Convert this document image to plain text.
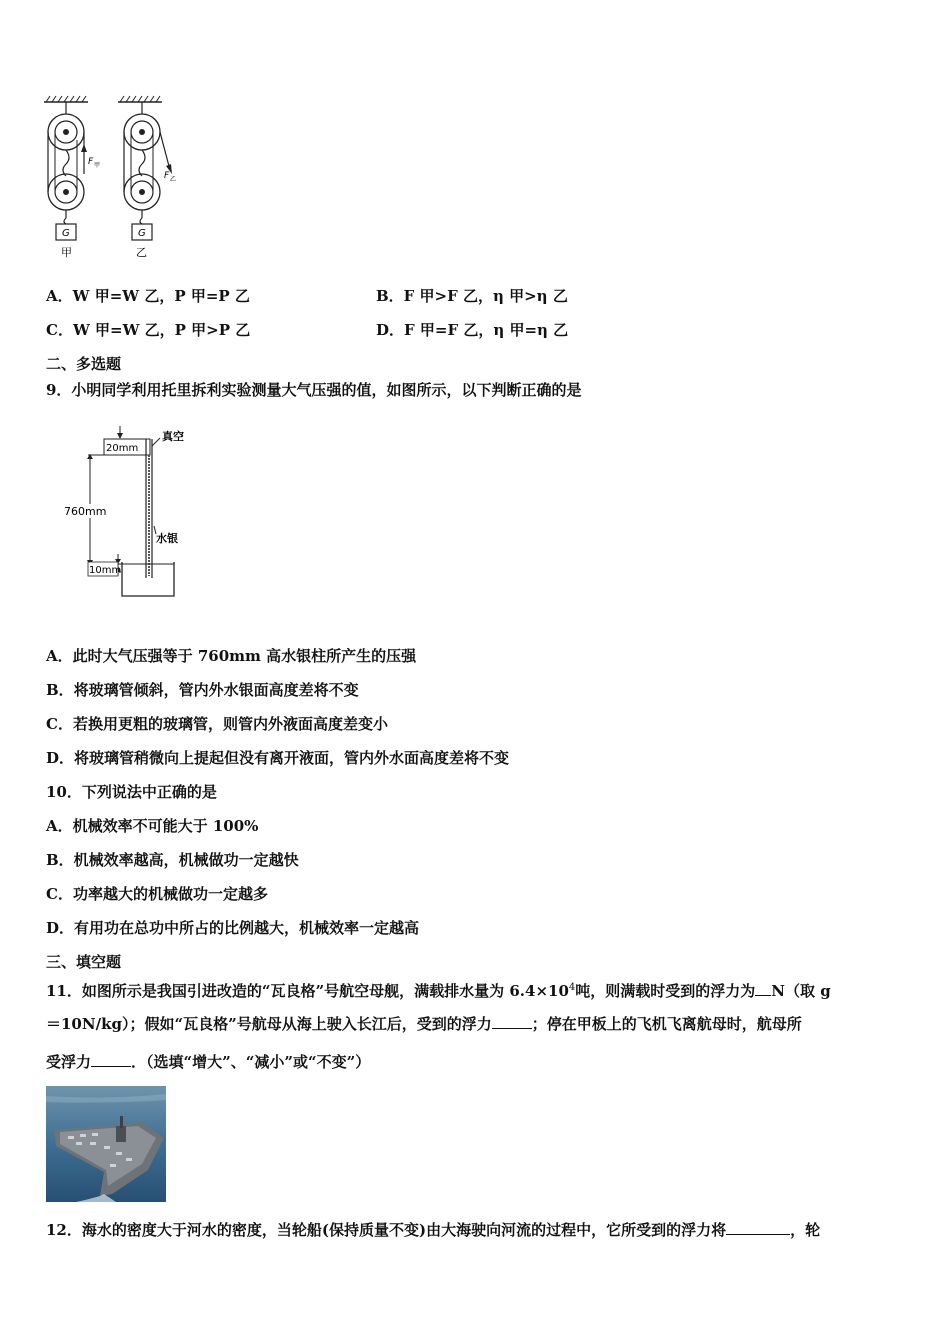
G
甲
F 甲
F 乙
G
乙
A．W 甲=W 乙，P 甲=P 乙	B．F 甲>F 乙，η 甲>η 乙
C．W 甲=W 乙，P 甲>P 乙	D．F 甲=F 乙，η 甲=η 乙
二、多选题
9．小明同学利用托里拆利实验测量大气压强的值，如图所示，以下判断正确的是
20mm
真空
760mm
水银
10mm
A．此时大气压强等于 760mm 高水银柱所产生的压强
B．将玻璃管倾斜，管内外水银面高度差将不变
C．若换用更粗的玻璃管，则管内外液面高度差变小
D．将玻璃管稍微向上提起但没有离开液面，管内外水面高度差将不变
10．下列说法中正确的是
A．机械效率不可能大于 100%
B．机械效率越高，机械做功一定越快
C．功率越大的机械做功一定越多
D．有用功在总功中所占的比例越大，机械效率一定越高
三、填空题
11．如图所示是我国引进改造的“瓦良格”号航空母舰，满载排水量为 $6.4\times 10^4$吨，则满载时受到的浮力为 N（取 g
＝10N/kg）；假如“瓦良格”号航母从海上驶入长江后，受到的浮力	；停在甲板上的飞机飞离航母时，航母所
受浮力	．（选填“增大”、“减小”或“不变”）
12．海水的密度大于河水的密度，当轮船(保持质量不变)由大海驶向河流的过程中，它所受到的浮力将	，轮
